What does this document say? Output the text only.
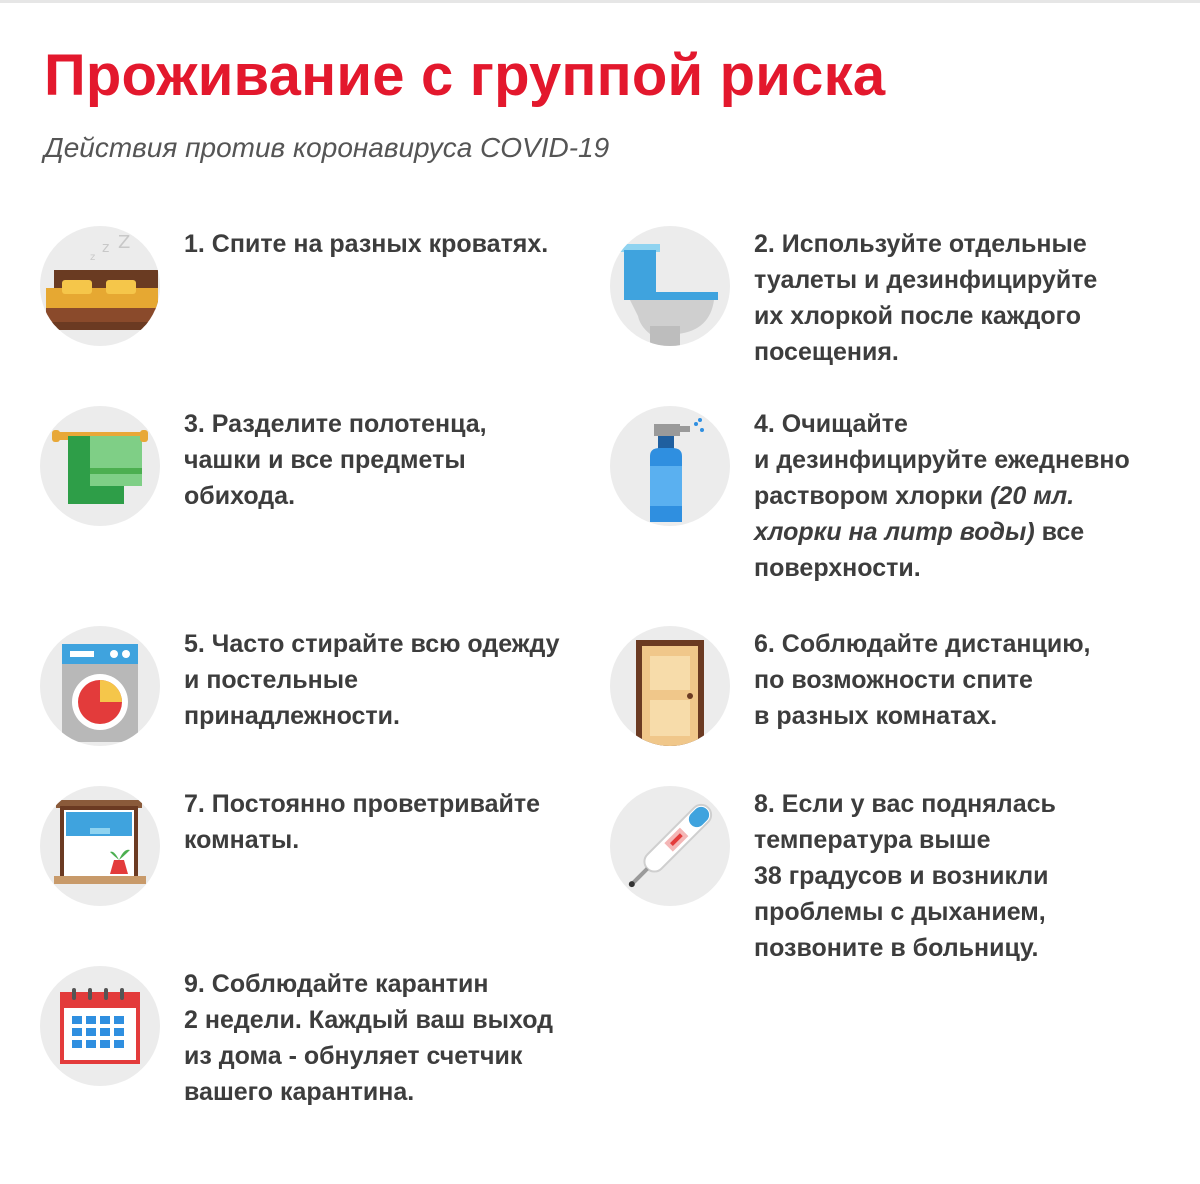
Проживание с группой риска
Действия против коронавируса COVID-19
z
z Z 1. Спите на разных кроватях.	2. Используйте отдельные
туалеты и дезинфицируйте
их хлоркой после каждого
посещения.
3. Разделите полотенца,
чашки и все предметы
обихода.
4. Очищайте
и дезинфицируйте ежедневно
раствором хлорки (20 мл.
хлорки на литр воды) все
поверхности.
5. Часто стирайте всю одежду
и постельные
принадлежности.
6. Соблюдайте дистанцию,
по возможности спите
в разных комнатах.
7. Постоянно проветривайте
комнаты.
8. Если у вас поднялась
температура выше
38 градусов и возникли
проблемы с дыханием,
позвоните в больницу.
9. Соблюдайте карантин
2 недели. Каждый ваш выход
из дома - обнуляет счетчик
вашего карантина.
